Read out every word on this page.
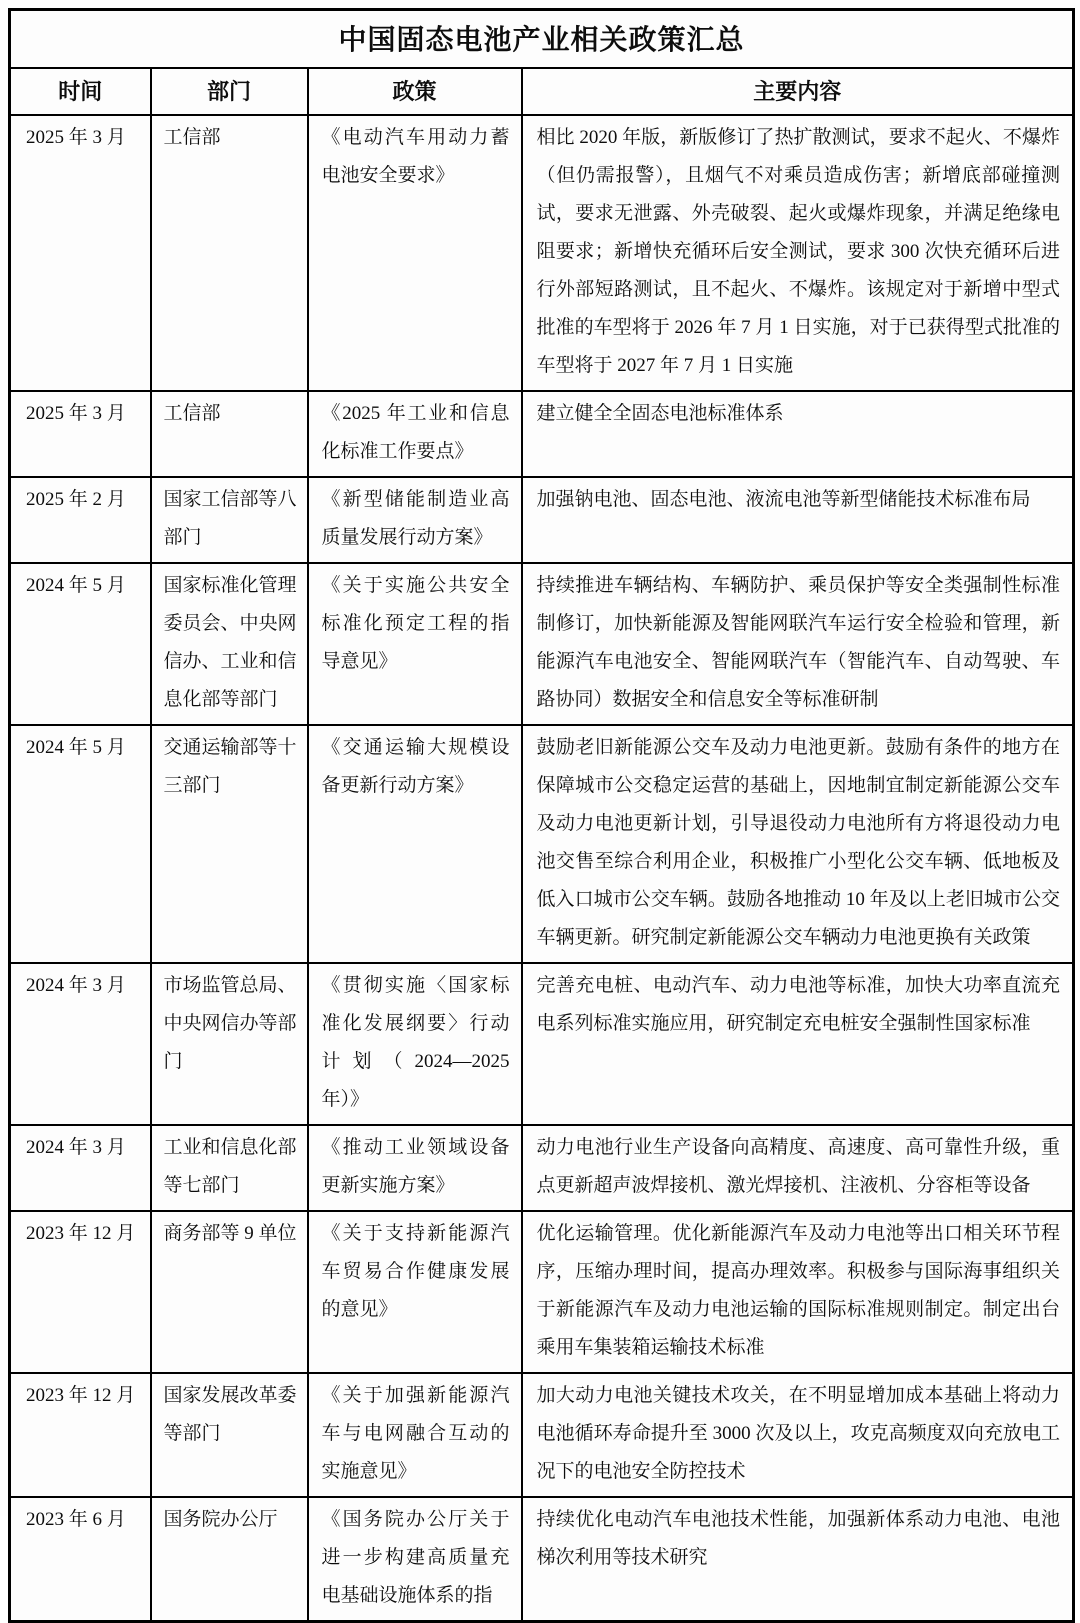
中国固态电池产业相关政策汇总			
时间	部门	政策	主要内容
2025 年 3 月	工信部	《电动汽车用动力蓄电池安全要求》	相比 2020 年版，新版修订了热扩散测试，要求不起火、不爆炸（但仍需报警），且烟气不对乘员造成伤害；新增底部碰撞测试，要求无泄露、外壳破裂、起火或爆炸现象，并满足绝缘电阻要求；新增快充循环后安全测试，要求 300 次快充循环后进行外部短路测试，且不起火、不爆炸。该规定对于新增中型式批准的车型将于 2026 年 7 月 1 日实施，对于已获得型式批准的车型将于 2027 年 7 月 1 日实施
2025 年 3 月	工信部	《2025 年工业和信息化标准工作要点》	建立健全全固态电池标准体系
2025 年 2 月	国家工信部等八部门	《新型储能制造业高质量发展行动方案》	加强钠电池、固态电池、液流电池等新型储能技术标准布局
2024 年 5 月	国家标准化管理委员会、中央网信办、工业和信息化部等部门	《关于实施公共安全标准化预定工程的指导意见》	持续推进车辆结构、车辆防护、乘员保护等安全类强制性标准制修订，加快新能源及智能网联汽车运行安全检验和管理，新能源汽车电池安全、智能网联汽车（智能汽车、自动驾驶、车路协同）数据安全和信息安全等标准研制
2024 年 5 月	交通运输部等十三部门	《交通运输大规模设备更新行动方案》	鼓励老旧新能源公交车及动力电池更新。鼓励有条件的地方在保障城市公交稳定运营的基础上，因地制宜制定新能源公交车及动力电池更新计划，引导退役动力电池所有方将退役动力电池交售至综合利用企业，积极推广小型化公交车辆、低地板及低入口城市公交车辆。鼓励各地推动 10 年及以上老旧城市公交车辆更新。研究制定新能源公交车辆动力电池更换有关政策
2024 年 3 月	市场监管总局、中央网信办等部门	《贯彻实施〈国家标准化发展纲要〉行动计划（2024—2025 年）》	完善充电桩、电动汽车、动力电池等标准，加快大功率直流充电系列标准实施应用，研究制定充电桩安全强制性国家标准
2024 年 3 月	工业和信息化部等七部门	《推动工业领域设备更新实施方案》	动力电池行业生产设备向高精度、高速度、高可靠性升级，重点更新超声波焊接机、激光焊接机、注液机、分容柜等设备
2023 年 12 月	商务部等 9 单位	《关于支持新能源汽车贸易合作健康发展的意见》	优化运输管理。优化新能源汽车及动力电池等出口相关环节程序，压缩办理时间，提高办理效率。积极参与国际海事组织关于新能源汽车及动力电池运输的国际标准规则制定。制定出台乘用车集装箱运输技术标准
2023 年 12 月	国家发展改革委等部门	《关于加强新能源汽车与电网融合互动的实施意见》	加大动力电池关键技术攻关，在不明显增加成本基础上将动力电池循环寿命提升至 3000 次及以上，攻克高频度双向充放电工况下的电池安全防控技术
2023 年 6 月	国务院办公厅	《国务院办公厅关于进一步构建高质量充电基础设施体系的指	持续优化电动汽车电池技术性能，加强新体系动力电池、电池梯次利用等技术研究
